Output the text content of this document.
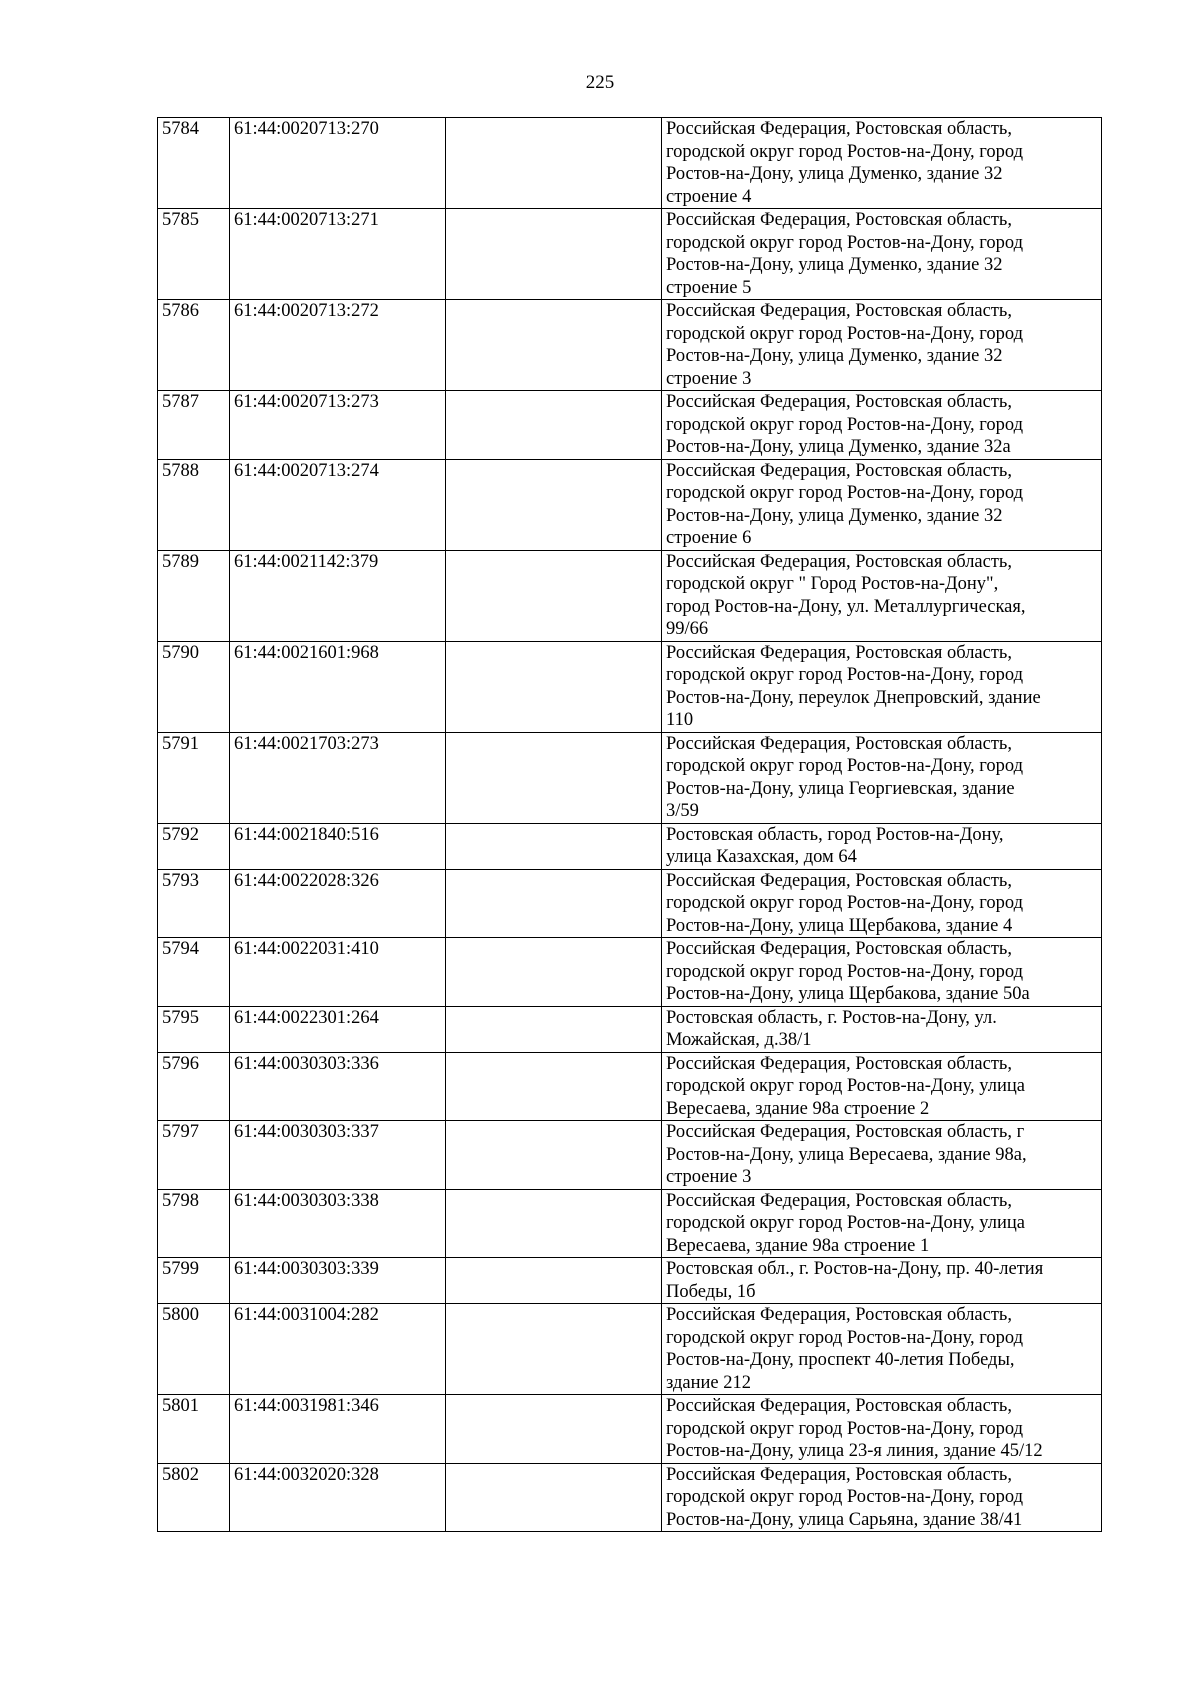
225
5784	61:44:0020713:270		Российская Федерация, Ростовская область,
городской округ город Ростов-на-Дону, город
Ростов-на-Дону, улица Думенко, здание 32
строение 4

5785	61:44:0020713:271		Российская Федерация, Ростовская область,
городской округ город Ростов-на-Дону, город
Ростов-на-Дону, улица Думенко, здание 32
строение 5

5786	61:44:0020713:272		Российская Федерация, Ростовская область,
городской округ город Ростов-на-Дону, город
Ростов-на-Дону, улица Думенко, здание 32
строение 3

5787	61:44:0020713:273		Российская Федерация, Ростовская область,
городской округ город Ростов-на-Дону, город
Ростов-на-Дону, улица Думенко, здание 32а

5788	61:44:0020713:274		Российская Федерация, Ростовская область,
городской округ город Ростов-на-Дону, город
Ростов-на-Дону, улица Думенко, здание 32
строение 6

5789	61:44:0021142:379		Российская Федерация, Ростовская область,
городской округ " Город Ростов-на-Дону",
город Ростов-на-Дону, ул. Металлургическая,
99/66

5790	61:44:0021601:968		Российская Федерация, Ростовская область,
городской округ город Ростов-на-Дону, город
Ростов-на-Дону, переулок Днепровский, здание
110

5791	61:44:0021703:273		Российская Федерация, Ростовская область,
городской округ город Ростов-на-Дону, город
Ростов-на-Дону, улица Георгиевская, здание
3/59

5792	61:44:0021840:516		Ростовская область, город Ростов-на-Дону,
улица Казахская, дом 64

5793	61:44:0022028:326		Российская Федерация, Ростовская область,
городской округ город Ростов-на-Дону, город
Ростов-на-Дону, улица Щербакова, здание 4

5794	61:44:0022031:410		Российская Федерация, Ростовская область,
городской округ город Ростов-на-Дону, город
Ростов-на-Дону, улица Щербакова, здание 50а

5795	61:44:0022301:264		Ростовская область, г. Ростов-на-Дону, ул.
Можайская, д.38/1

5796	61:44:0030303:336		Российская Федерация, Ростовская область,
городской округ город Ростов-на-Дону, улица
Вересаева, здание 98а строение 2

5797	61:44:0030303:337		Российская Федерация, Ростовская область, г
Ростов-на-Дону, улица Вересаева, здание 98а,
строение 3

5798	61:44:0030303:338		Российская Федерация, Ростовская область,
городской округ город Ростов-на-Дону, улица
Вересаева, здание 98а строение 1

5799	61:44:0030303:339		Ростовская обл., г. Ростов-на-Дону, пр. 40-летия
Победы, 1б

5800	61:44:0031004:282		Российская Федерация, Ростовская область,
городской округ город Ростов-на-Дону, город
Ростов-на-Дону, проспект 40-летия Победы,
здание 212

5801	61:44:0031981:346		Российская Федерация, Ростовская область,
городской округ город Ростов-на-Дону, город
Ростов-на-Дону, улица 23-я линия, здание 45/12

5802	61:44:0032020:328		Российская Федерация, Ростовская область,
городской округ город Ростов-на-Дону, город
Ростов-на-Дону, улица Сарьяна, здание 38/41
